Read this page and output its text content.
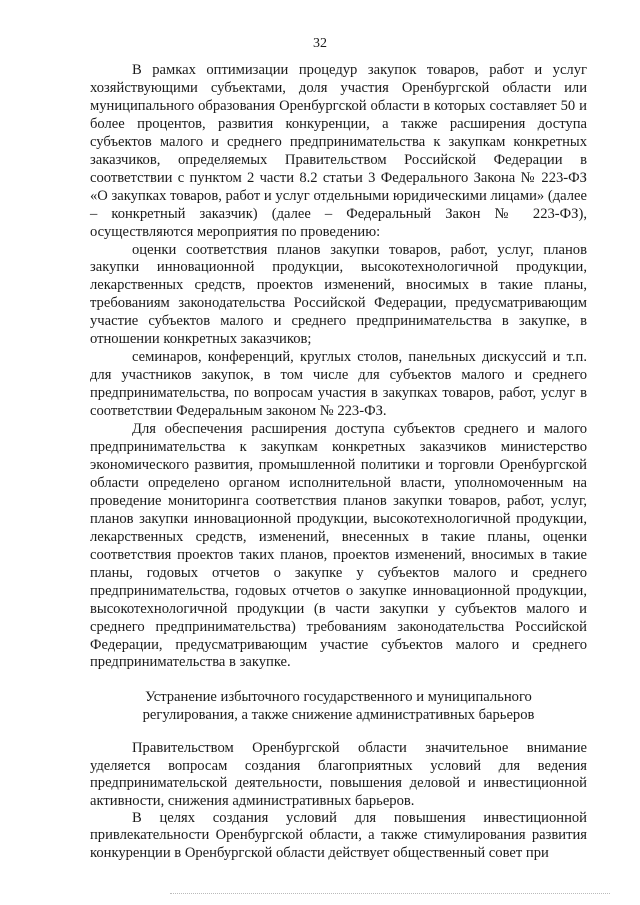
32

В рамках оптимизации процедур закупок товаров, работ и услуг хозяйствующими субъектами, доля участия Оренбургской области или муниципального образования Оренбургской области в которых составляет 50 и более процентов, развития конкуренции, а также расширения доступа субъектов малого и среднего предпринимательства к закупкам конкретных заказчиков, определяемых Правительством Российской Федерации в соответствии с пунктом 2 части 8.2 статьи 3 Федерального Закона № 223-ФЗ «О закупках товаров, работ и услуг отдельными юридическими лицами» (далее – конкретный заказчик) (далее – Федеральный Закон № 223-ФЗ), осуществляются мероприятия по проведению:

оценки соответствия планов закупки товаров, работ, услуг, планов закупки инновационной продукции, высокотехнологичной продукции, лекарственных средств, проектов изменений, вносимых в такие планы, требованиям законодательства Российской Федерации, предусматривающим участие субъектов малого и среднего предпринимательства в закупке, в отношении конкретных заказчиков;

семинаров, конференций, круглых столов, панельных дискуссий и т.п. для участников закупок, в том числе для субъектов малого и среднего предпринимательства, по вопросам участия в закупках товаров, работ, услуг в соответствии Федеральным законом № 223-ФЗ.

Для обеспечения расширения доступа субъектов среднего и малого предпринимательства к закупкам конкретных заказчиков министерство экономического развития, промышленной политики и торговли Оренбургской области определено органом исполнительной власти, уполномоченным на проведение мониторинга соответствия планов закупки товаров, работ, услуг, планов закупки инновационной продукции, высокотехнологичной продукции, лекарственных средств, изменений, внесенных в такие планы, оценки соответствия проектов таких планов, проектов изменений, вносимых в такие планы, годовых отчетов о закупке у субъектов малого и среднего предпринимательства, годовых отчетов о закупке инновационной продукции, высокотехнологичной продукции (в части закупки у субъектов малого и среднего предпринимательства) требованиям законодательства Российской Федерации, предусматривающим участие субъектов малого и среднего предпринимательства в закупке.

Устранение избыточного государственного и муниципального
регулирования, а также снижение административных барьеров

Правительством Оренбургской области значительное внимание уделяется вопросам создания благоприятных условий для ведения предпринимательской деятельности, повышения деловой и инвестиционной активности, снижения административных барьеров.

В целях создания условий для повышения инвестиционной привлекательности Оренбургской области, а также стимулирования развития конкуренции в Оренбургской области действует общественный совет при
